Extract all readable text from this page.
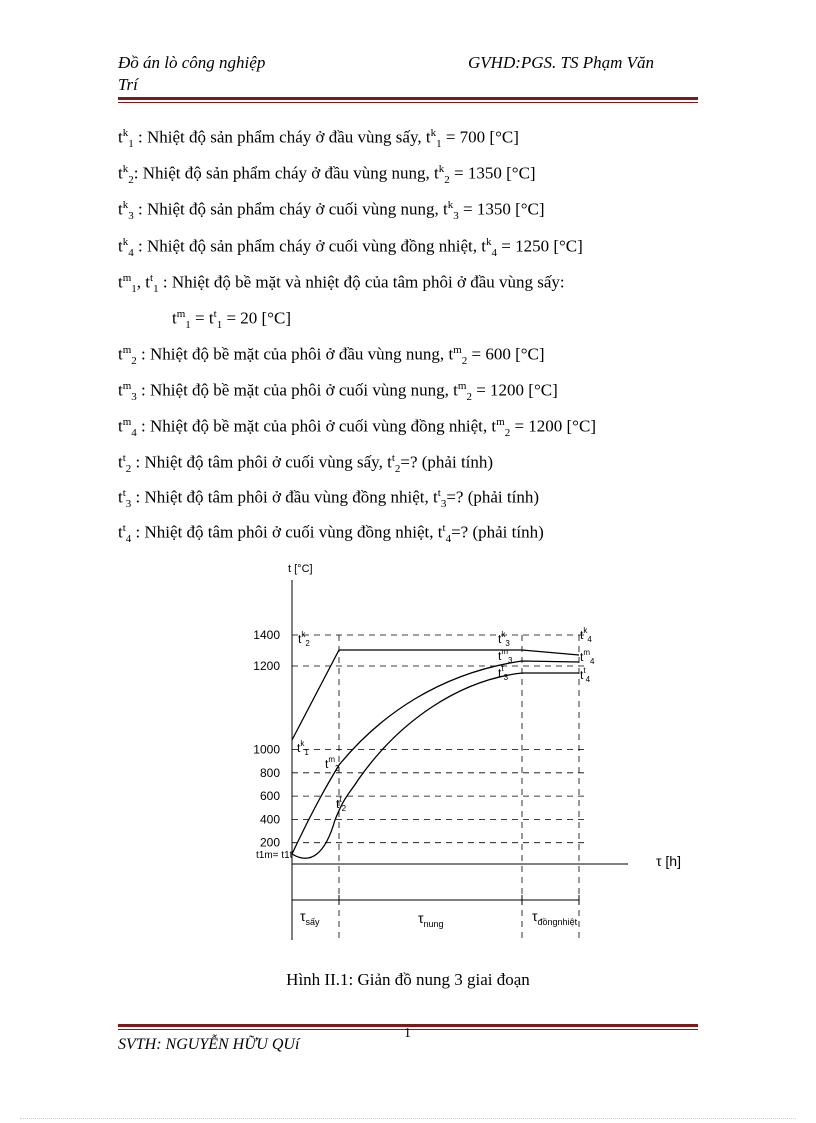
Đồ án lò công nghiệp
Trí
GVHD:PGS. TS Phạm Văn
$t^k_1$ : Nhiệt độ sản phẩm cháy ở đầu vùng sấy, $t^k_1 = 700$ [°C]
$t^k_2$: Nhiệt độ sản phẩm cháy ở đầu vùng nung, $t^k_2 = 1350$ [°C]
$t^k_3$ : Nhiệt độ sản phẩm cháy ở cuối vùng nung, $t^k_3 = 1350$ [°C]
$t^k_4$ : Nhiệt độ sản phẩm cháy ở cuối vùng đồng nhiệt, $t^k_4 = 1250$ [°C]
$t^m_1$, $t^t_1$ : Nhiệt độ bề mặt và nhiệt độ của tâm phôi ở đầu vùng sấy:
$t^m_1 = t^t_1 = 20$ [°C]
$t^m_2$ : Nhiệt độ bề mặt của phôi ở đầu vùng nung, $t^m_2 = 600$ [°C]
$t^m_3$ : Nhiệt độ bề mặt của phôi ở cuối vùng nung, $t^m_2 = 1200$ [°C]
$t^m_4$ : Nhiệt độ bề mặt của phôi ở cuối vùng đồng nhiệt, $t^m_2 = 1200$ [°C]
$t^t_2$ : Nhiệt độ tâm phôi ở cuối vùng sấy, $t^t_2=$? (phải tính)
$t^t_3$ : Nhiệt độ tâm phôi ở đầu vùng đồng nhiệt, $t^t_3=$? (phải tính)
$t^t_4$ : Nhiệt độ tâm phôi ở cuối vùng đồng nhiệt, $t^t_4=$? (phải tính)
t [°C]
τ [h]
200
400
600
800
1000
1200
1400
$\tau_{sấy}$	$\tau_{nung}$	$\tau_{đồngnhiệt}$
$t^k_1$
$t^k_2$
$t^m_2$
$t^t_2$
$t^k_3$
$t^m_3$
$t^t_3$
$t^k_4$
$t^m_4$
$t^t_4$
t1m= t1t
Hình II.1: Giản đồ nung 3 giai đoạn
SVTH: NGUYỄN HỮU QUí
1
